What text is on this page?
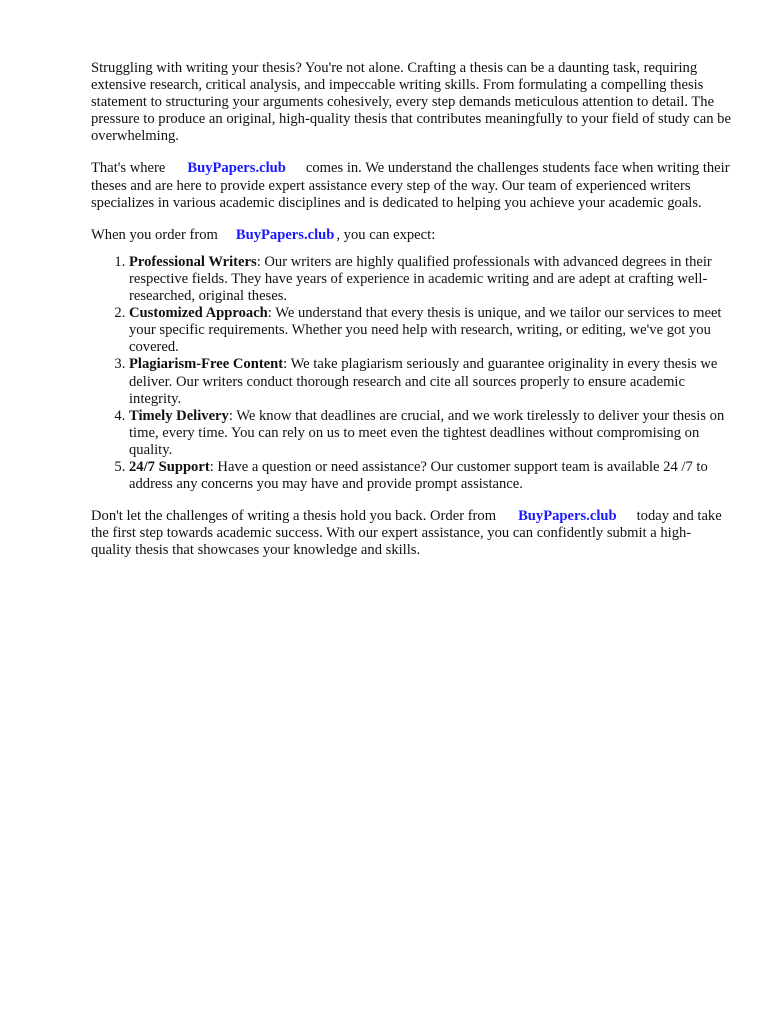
Struggling with writing your thesis? You're not alone. Crafting a thesis can be a daunting task, requiring extensive research, critical analysis, and impeccable writing skills. From formulating a compelling thesis statement to structuring your arguments cohesively, every step demands meticulous attention to detail. The pressure to produce an original, high-quality thesis that contributes meaningfully to your field of study can be overwhelming.

That's where BuyPapers.club comes in. We understand the challenges students face when writing their theses and are here to provide expert assistance every step of the way. Our team of experienced writers specializes in various academic disciplines and is dedicated to helping you achieve your academic goals.

When you order from BuyPapers.club , you can expect:

1. Professional Writers: Our writers are highly qualified professionals with advanced degrees in their respective fields. They have years of experience in academic writing and are adept at crafting well-researched, original theses.
2. Customized Approach: We understand that every thesis is unique, and we tailor our services to meet your specific requirements. Whether you need help with research, writing, or editing, we've got you covered.
3. Plagiarism-Free Content: We take plagiarism seriously and guarantee originality in every thesis we deliver. Our writers conduct thorough research and cite all sources properly to ensure academic integrity.
4. Timely Delivery: We know that deadlines are crucial, and we work tirelessly to deliver your thesis on time, every time. You can rely on us to meet even the tightest deadlines without compromising on quality.
5. 24/7 Support: Have a question or need assistance? Our customer support team is available 24 /7 to address any concerns you may have and provide prompt assistance.

Don't let the challenges of writing a thesis hold you back. Order from BuyPapers.club today and take the first step towards academic success. With our expert assistance, you can confidently submit a high-quality thesis that showcases your knowledge and skills.
